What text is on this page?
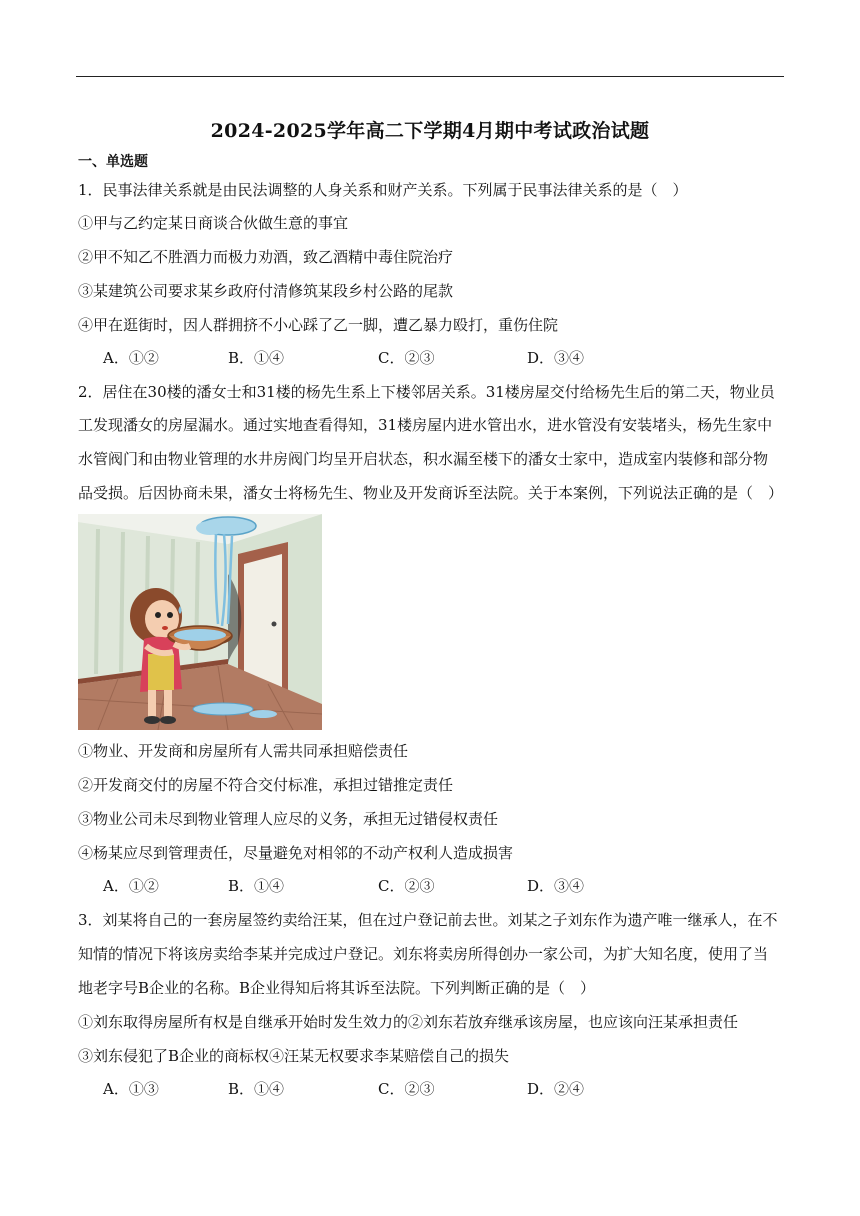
2024-2025学年高二下学期4月期中考试政治试题
一、单选题
1．民事法律关系就是由民法调整的人身关系和财产关系。下列属于民事法律关系的是（　）
①甲与乙约定某日商谈合伙做生意的事宜
②甲不知乙不胜酒力而极力劝酒，致乙酒精中毒住院治疗
③某建筑公司要求某乡政府付清修筑某段乡村公路的尾款
④甲在逛街时，因人群拥挤不小心踩了乙一脚，遭乙暴力殴打，重伤住院
A．①②	B．①④	C．②③	D．③④
2．居住在30楼的潘女士和31楼的杨先生系上下楼邻居关系。31楼房屋交付给杨先生后的第二天，物业员
工发现潘女的房屋漏水。通过实地查看得知，31楼房屋内进水管出水，进水管没有安装堵头，杨先生家中
水管阀门和由物业管理的水井房阀门均呈开启状态，积水漏至楼下的潘女士家中，造成室内装修和部分物
品受损。后因协商未果，潘女士将杨先生、物业及开发商诉至法院。关于本案例，下列说法正确的是（　）
①物业、开发商和房屋所有人需共同承担赔偿责任
②开发商交付的房屋不符合交付标准，承担过错推定责任
③物业公司未尽到物业管理人应尽的义务，承担无过错侵权责任
④杨某应尽到管理责任，尽量避免对相邻的不动产权利人造成损害
A．①②	B．①④	C．②③	D．③④
3．刘某将自己的一套房屋签约卖给汪某，但在过户登记前去世。刘某之子刘东作为遗产唯一继承人，在不
知情的情况下将该房卖给李某并完成过户登记。刘东将卖房所得创办一家公司，为扩大知名度，使用了当
地老字号B企业的名称。B企业得知后将其诉至法院。下列判断正确的是（　）
①刘东取得房屋所有权是自继承开始时发生效力的②刘东若放弃继承该房屋，也应该向汪某承担责任
③刘东侵犯了B企业的商标权④汪某无权要求李某赔偿自己的损失
A．①③	B．①④	C．②③	D．②④
